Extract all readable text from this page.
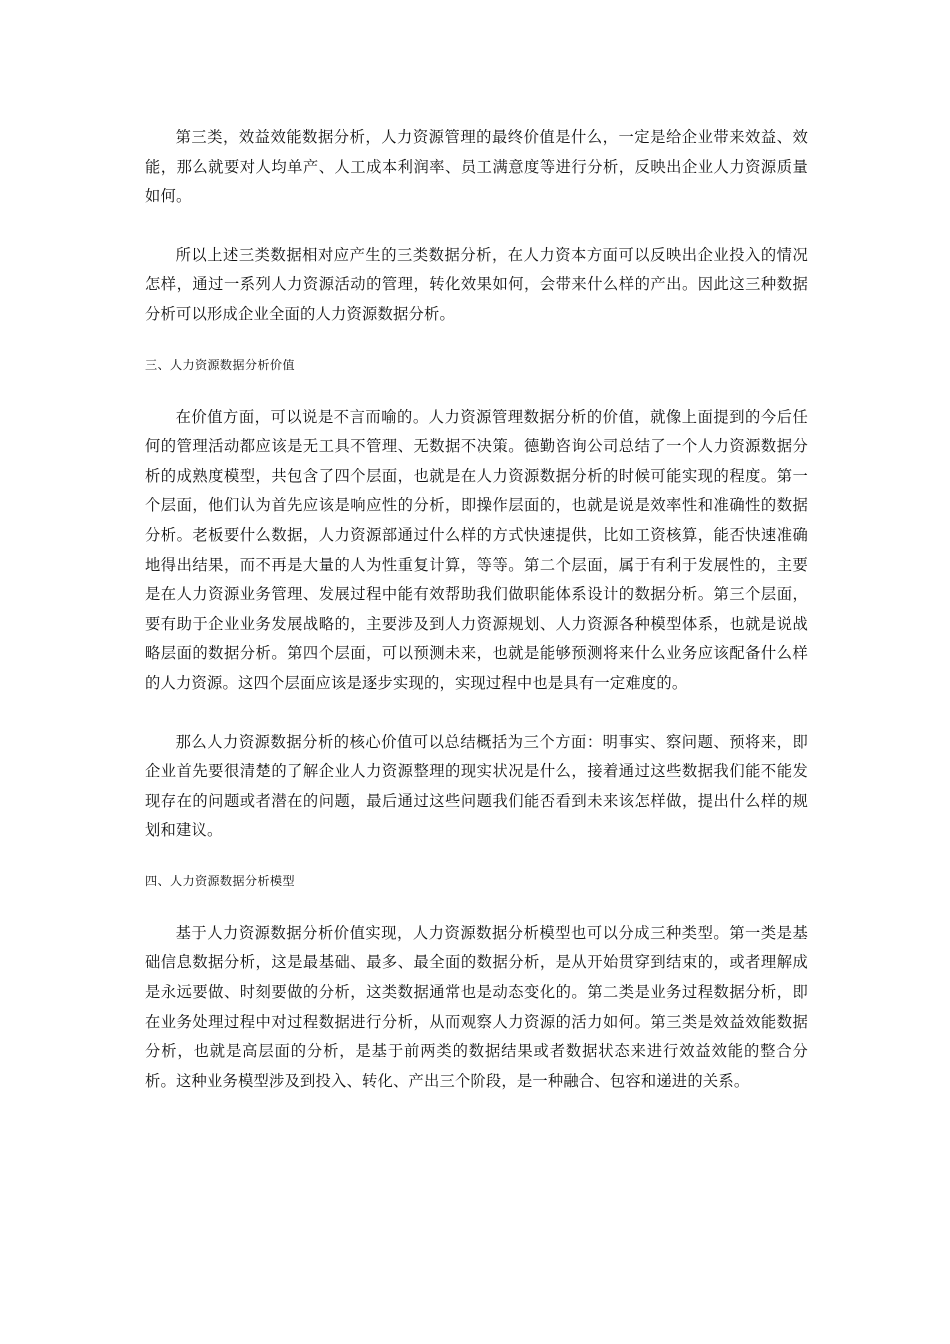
第三类，效益效能数据分析，人力资源管理的最终价值是什么，一定是给企业带来效益、效能，那么就要对人均单产、人工成本利润率、员工满意度等进行分析，反映出企业人力资源质量如何。

所以上述三类数据相对应产生的三类数据分析，在人力资本方面可以反映出企业投入的情况怎样，通过一系列人力资源活动的管理，转化效果如何，会带来什么样的产出。因此这三种数据分析可以形成企业全面的人力资源数据分析。

三、人力资源数据分析价值

在价值方面，可以说是不言而喻的。人力资源管理数据分析的价值，就像上面提到的今后任何的管理活动都应该是无工具不管理、无数据不决策。德勤咨询公司总结了一个人力资源数据分析的成熟度模型，共包含了四个层面，也就是在人力资源数据分析的时候可能实现的程度。第一个层面，他们认为首先应该是响应性的分析，即操作层面的，也就是说是效率性和准确性的数据分析。老板要什么数据，人力资源部通过什么样的方式快速提供，比如工资核算，能否快速准确地得出结果，而不再是大量的人为性重复计算，等等。第二个层面，属于有利于发展性的，主要是在人力资源业务管理、发展过程中能有效帮助我们做职能体系设计的数据分析。第三个层面，要有助于企业业务发展战略的，主要涉及到人力资源规划、人力资源各种模型体系，也就是说战略层面的数据分析。第四个层面，可以预测未来，也就是能够预测将来什么业务应该配备什么样的人力资源。这四个层面应该是逐步实现的，实现过程中也是具有一定难度的。

那么人力资源数据分析的核心价值可以总结概括为三个方面：明事实、察问题、预将来，即企业首先要很清楚的了解企业人力资源整理的现实状况是什么，接着通过这些数据我们能不能发现存在的问题或者潜在的问题，最后通过这些问题我们能否看到未来该怎样做，提出什么样的规划和建议。

四、人力资源数据分析模型

基于人力资源数据分析价值实现，人力资源数据分析模型也可以分成三种类型。第一类是基础信息数据分析，这是最基础、最多、最全面的数据分析，是从开始贯穿到结束的，或者理解成是永远要做、时刻要做的分析，这类数据通常也是动态变化的。第二类是业务过程数据分析，即在业务处理过程中对过程数据进行分析，从而观察人力资源的活力如何。第三类是效益效能数据分析，也就是高层面的分析，是基于前两类的数据结果或者数据状态来进行效益效能的整合分析。这种业务模型涉及到投入、转化、产出三个阶段，是一种融合、包容和递进的关系。
